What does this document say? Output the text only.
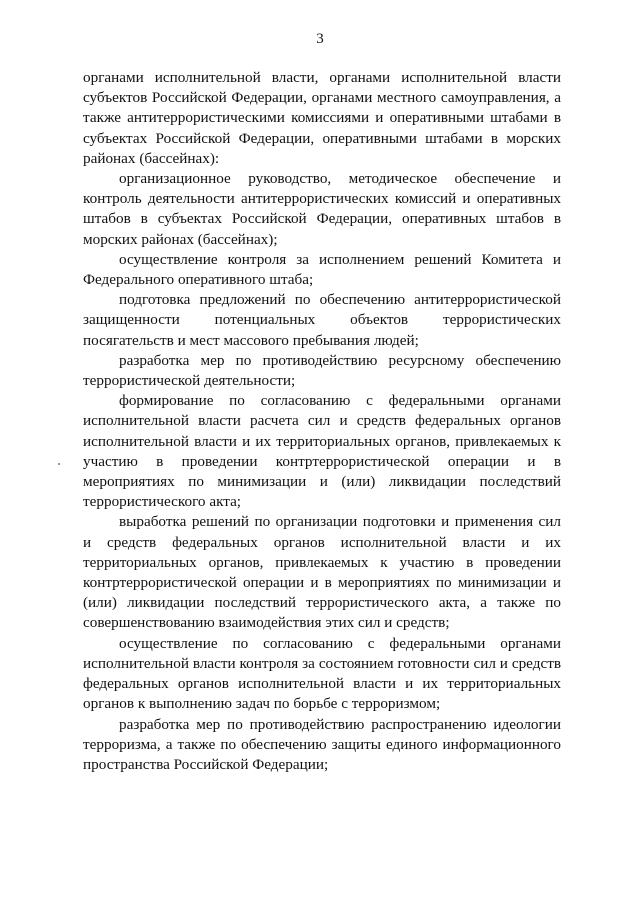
3

органами исполнительной власти, органами исполнительной власти субъектов Российской Федерации, органами местного самоуправления, а также антитеррористическими комиссиями и оперативными штабами в субъектах Российской Федерации, оперативными штабами в морских районах (бассейнах):

организационное руководство, методическое обеспечение и контроль деятельности антитеррористических комиссий и оперативных штабов в субъектах Российской Федерации, оперативных штабов в морских районах (бассейнах);

осуществление контроля за исполнением решений Комитета и Федерального оперативного штаба;

подготовка предложений по обеспечению антитеррористической защищенности потенциальных объектов террористических посягательств и мест массового пребывания людей;

разработка мер по противодействию ресурсному обеспечению террористической деятельности;

формирование по согласованию с федеральными органами исполнительной власти расчета сил и средств федеральных органов исполнительной власти и их территориальных органов, привлекаемых к участию в проведении контртеррористической операции и в мероприятиях по минимизации и (или) ликвидации последствий террористического акта;

выработка решений по организации подготовки и применения сил и средств федеральных органов исполнительной власти и их территориальных органов, привлекаемых к участию в проведении контртеррористической операции и в мероприятиях по минимизации и (или) ликвидации последствий террористического акта, а также по совершенствованию взаимодействия этих сил и средств;

осуществление по согласованию с федеральными органами исполнительной власти контроля за состоянием готовности сил и средств федеральных органов исполнительной власти и их территориальных органов к выполнению задач по борьбе с терроризмом;

разработка мер по противодействию распространению идеологии терроризма, а также по обеспечению защиты единого информационного пространства Российской Федерации;
